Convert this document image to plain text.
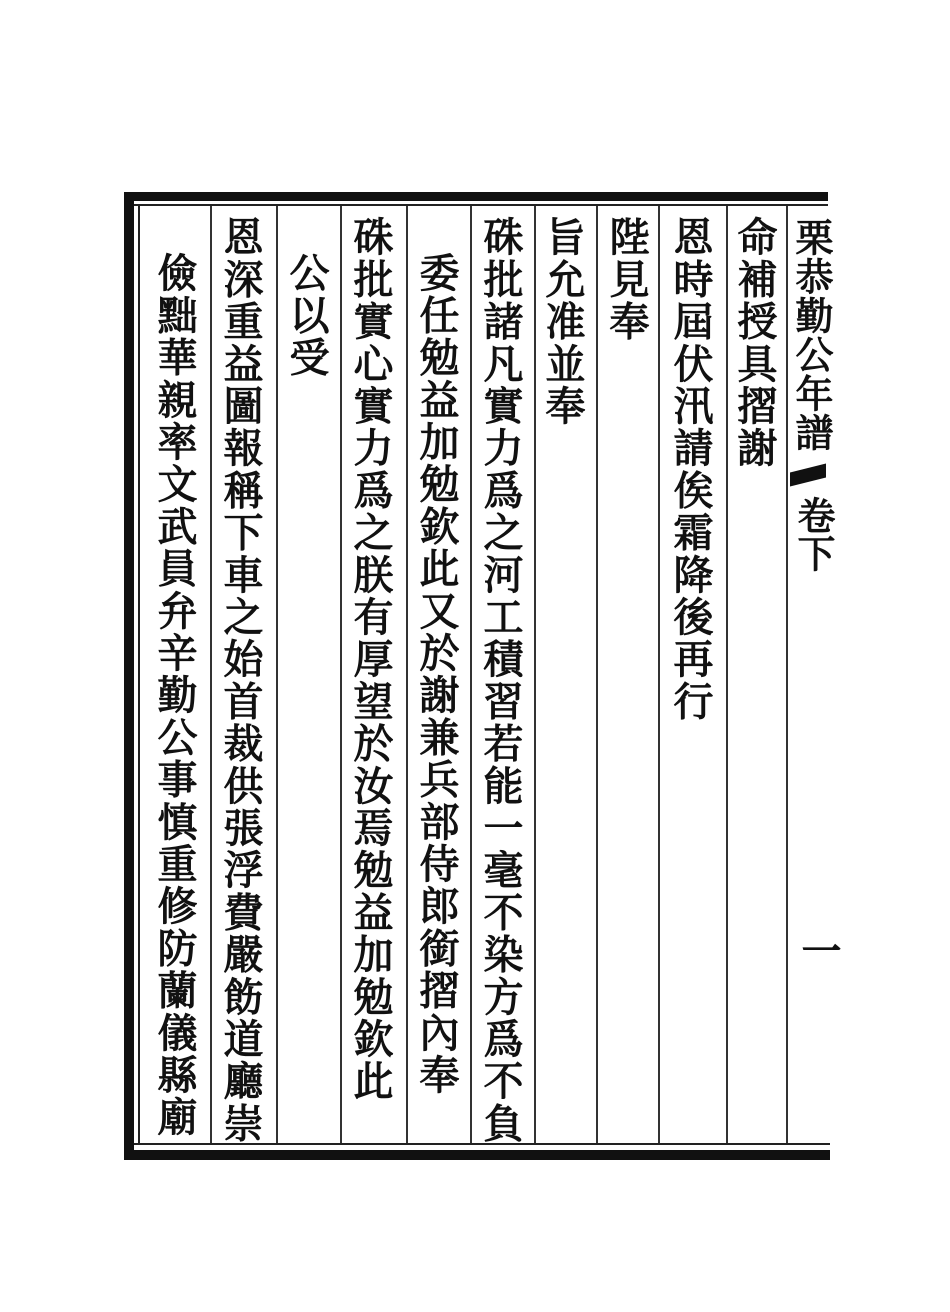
栗恭勤公年譜
卷下
一
命補授具摺謝
恩時屆伏汛請俟霜降後再行
陛見奉
旨允准並奉
硃批諸凡實力爲之河工積習若能一毫不染方爲不負
委任勉益加勉欽此又於謝兼兵部侍郎銜摺內奉
硃批實心實力爲之朕有厚望於汝焉勉益加勉欽此
公以受
恩深重益圖報稱下車之始首裁供張浮費嚴飭道廳崇
儉黜華親率文武員弁辛勤公事慎重修防蘭儀縣廟
